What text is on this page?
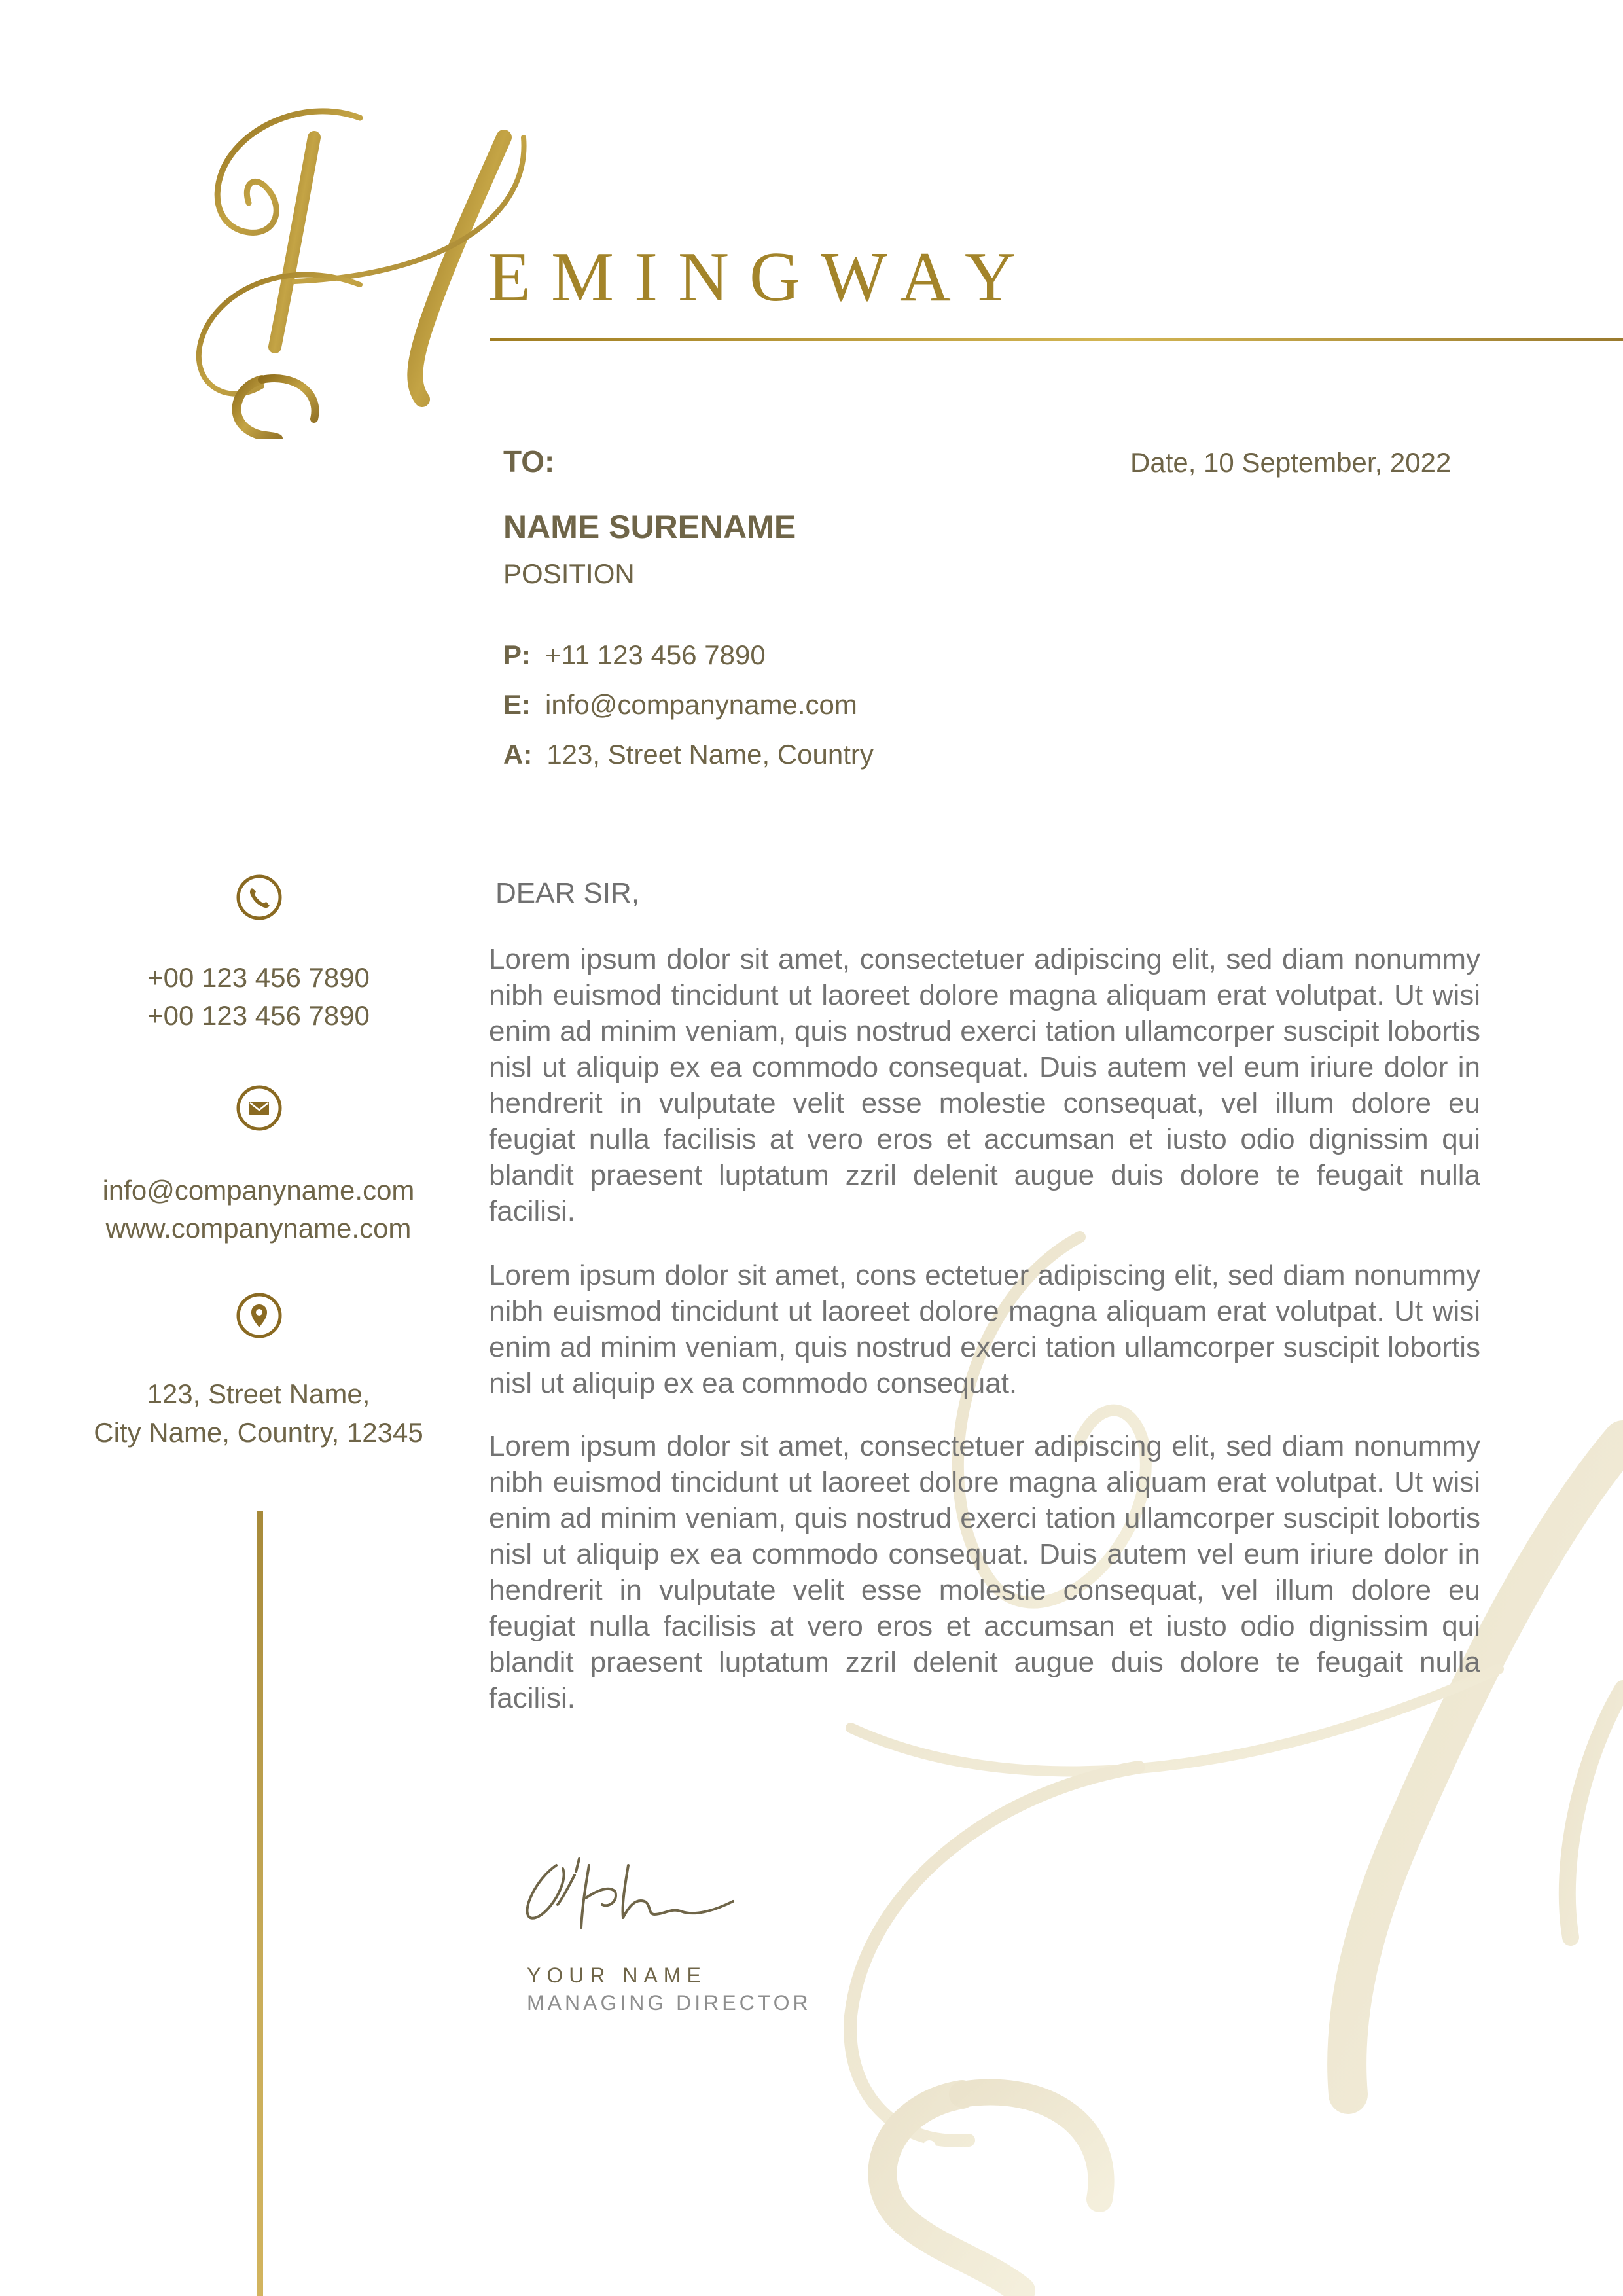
EMINGWAY
TO:	Date, 10 September, 2022
NAME SURENAME
POSITION
P: +11 123 456 7890
E: info@companyname.com
A: 123, Street Name, Country
+00 123 456 7890
+00 123 456 7890
info@companyname.com
www.companyname.com
123, Street Name,
City Name, Country, 12345
DEAR SIR,

Lorem ipsum dolor sit amet, consectetuer adipiscing elit, sed diam nonummy nibh euismod tincidunt ut laoreet dolore magna aliquam erat volutpat. Ut wisi enim ad minim veniam, quis nostrud exerci tation ullamcorper suscipit lobortis nisl ut aliquip ex ea commodo consequat. Duis autem vel eum iriure dolor in hendrerit in vulputate velit esse molestie consequat, vel illum dolore eu feugiat nulla facilisis at vero eros et accumsan et iusto odio dignissim qui blandit praesent luptatum zzril delenit augue duis dolore te feugait nulla facilisi.

Lorem ipsum dolor sit amet, cons ectetuer adipiscing elit, sed diam nonummy nibh euismod tincidunt ut laoreet dolore magna aliquam erat volutpat. Ut wisi enim ad minim veniam, quis nostrud exerci tation ullamcorper suscipit lobortis nisl ut aliquip ex ea commodo consequat.

Lorem ipsum dolor sit amet, consectetuer adipiscing elit, sed diam nonummy nibh euismod tincidunt ut laoreet dolore magna aliquam erat volutpat. Ut wisi enim ad minim veniam, quis nostrud exerci tation ullamcorper suscipit lobortis nisl ut aliquip ex ea commodo consequat. Duis autem vel eum iriure dolor in hendrerit in vulputate velit esse molestie consequat, vel illum dolore eu feugiat nulla facilisis at vero eros et accumsan et iusto odio dignissim qui blandit praesent luptatum zzril delenit augue duis dolore te feugait nulla facilisi.

YOUR NAME
MANAGING DIRECTOR
